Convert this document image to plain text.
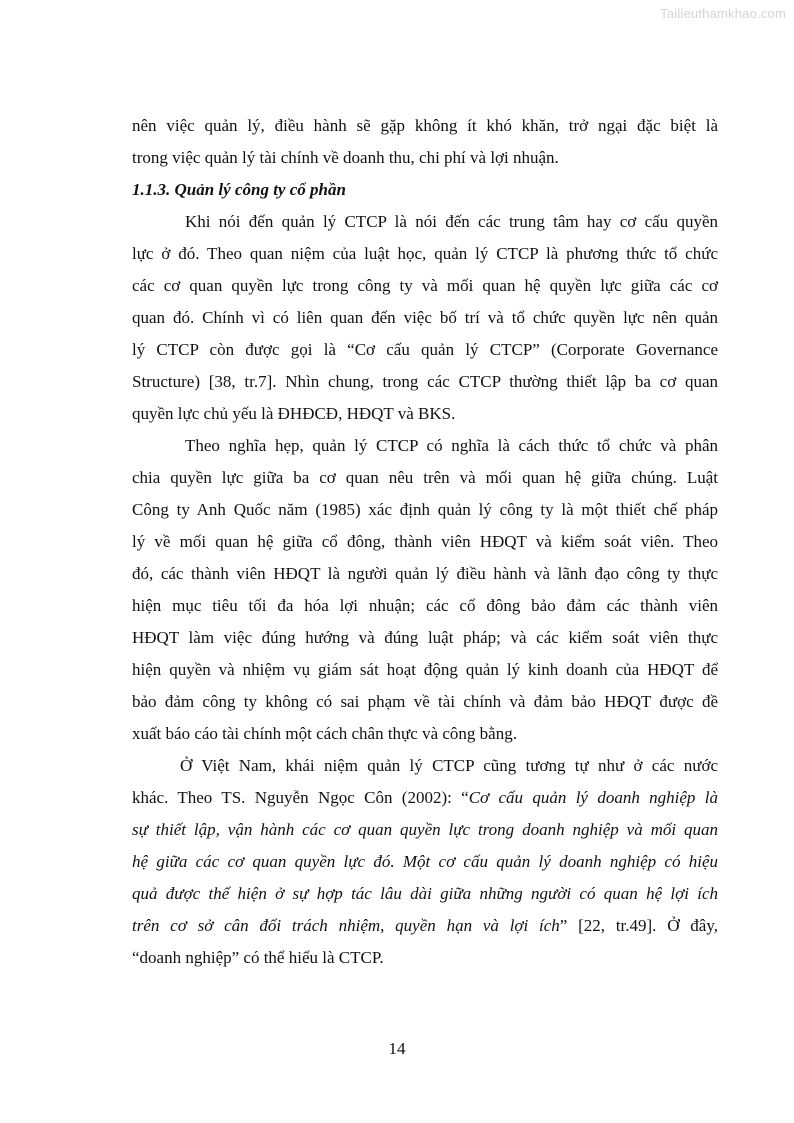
Tailieuthamkhao.com
nên việc quản lý, điều hành sẽ gặp không ít khó khăn, trở ngại đặc biệt là
trong việc quản lý tài chính về doanh thu, chi phí và lợi nhuận.
1.1.3. Quản lý công ty cổ phần
Khi nói đến quản lý CTCP là nói đến các trung tâm hay cơ cấu quyền
lực ở đó. Theo quan niệm của luật học, quản lý CTCP là phương thức tổ chức
các cơ quan quyền lực trong công ty và mối quan hệ quyền lực giữa các cơ
quan đó. Chính vì có liên quan đến việc bố trí và tổ chức quyền lực nên quản
lý CTCP còn được gọi là “Cơ cấu quản lý CTCP” (Corporate Governance
Structure) [38, tr.7]. Nhìn chung, trong các CTCP thường thiết lập ba cơ quan
quyền lực chủ yếu là ĐHĐCĐ, HĐQT và BKS.
Theo nghĩa hẹp, quản lý CTCP có nghĩa là cách thức tổ chức và phân
chia quyền lực giữa ba cơ quan nêu trên và mối quan hệ giữa chúng. Luật
Công ty Anh Quốc năm (1985) xác định quản lý công ty là một thiết chế pháp
lý về mối quan hệ giữa cổ đông, thành viên HĐQT và kiểm soát viên. Theo
đó, các thành viên HĐQT là người quản lý điều hành và lãnh đạo công ty thực
hiện mục tiêu tối đa hóa lợi nhuận; các cổ đông bảo đảm các thành viên
HĐQT làm việc đúng hướng và đúng luật pháp; và các kiểm soát viên thực
hiện quyền và nhiệm vụ giám sát hoạt động quản lý kinh doanh của HĐQT để
bảo đảm công ty không có sai phạm về tài chính và đảm bảo HĐQT được đề
xuất báo cáo tài chính một cách chân thực và công bằng.
Ở Việt Nam, khái niệm quản lý CTCP cũng tương tự như ở các nước
khác. Theo TS. Nguyễn Ngọc Côn (2002): “Cơ cấu quản lý doanh nghiệp là
sự thiết lập, vận hành các cơ quan quyền lực trong doanh nghiệp và mối quan
hệ giữa các cơ quan quyền lực đó. Một cơ cấu quản lý doanh nghiệp có hiệu
quả được thể hiện ở sự hợp tác lâu dài giữa những người có quan hệ lợi ích
trên cơ sở cân đối trách nhiệm, quyền hạn và lợi ích” [22, tr.49]. Ở đây,
“doanh nghiệp” có thể hiểu là CTCP.
14
